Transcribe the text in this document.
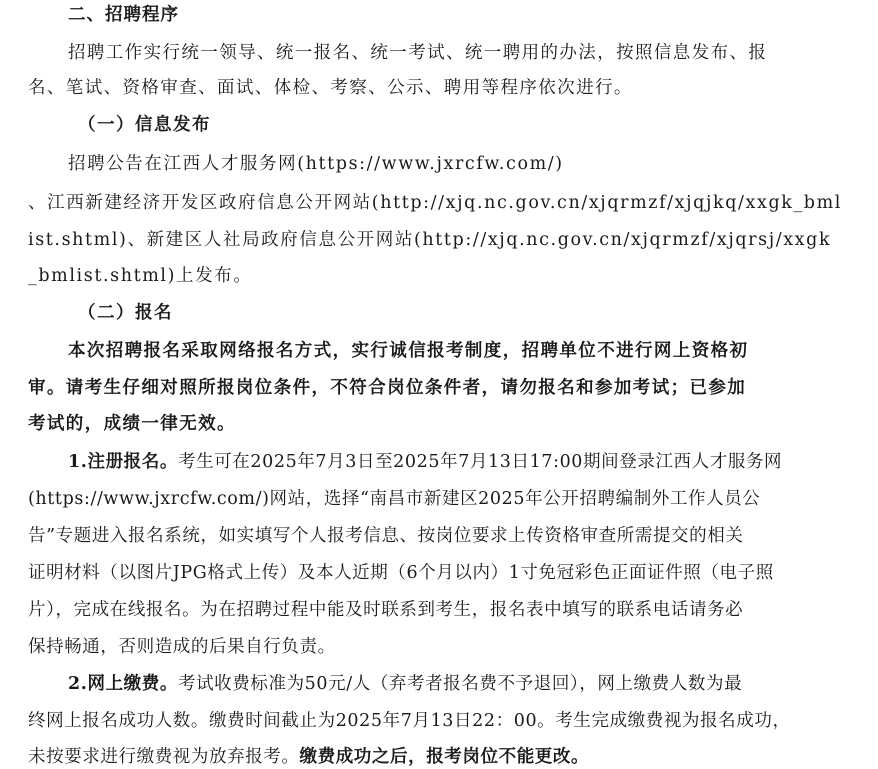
二、招聘程序
招聘工作实行统一领导、统一报名、统一考试、统一聘用的办法，按照信息发布、报
名、笔试、资格审查、面试、体检、考察、公示、聘用等程序依次进行。
（一）信息发布
招聘公告在江西人才服务网(https://www.jxrcfw.com/)
、江西新建经济开发区政府信息公开网站(http://xjq.nc.gov.cn/xjqrmzf/xjqjkq/xxgk_bml
ist.shtml)、新建区人社局政府信息公开网站(http://xjq.nc.gov.cn/xjqrmzf/xjqrsj/xxgk
_bmlist.shtml)上发布。
（二）报名
本次招聘报名采取网络报名方式，实行诚信报考制度，招聘单位不进行网上资格初
审。请考生仔细对照所报岗位条件，不符合岗位条件者，请勿报名和参加考试；已参加
考试的，成绩一律无效。
1.注册报名。考生可在2025年7月3日至2025年7月13日17:00期间登录江西人才服务网
(https://www.jxrcfw.com/)网站，选择“南昌市新建区2025年公开招聘编制外工作人员公
告”专题进入报名系统，如实填写个人报考信息、按岗位要求上传资格审查所需提交的相关
证明材料（以图片JPG格式上传）及本人近期（6个月以内）1寸免冠彩色正面证件照（电子照
片），完成在线报名。为在招聘过程中能及时联系到考生，报名表中填写的联系电话请务必
保持畅通，否则造成的后果自行负责。
2.网上缴费。考试收费标准为50元/人（弃考者报名费不予退回），网上缴费人数为最
终网上报名成功人数。缴费时间截止为2025年7月13日22：00。考生完成缴费视为报名成功，
未按要求进行缴费视为放弃报考。缴费成功之后，报考岗位不能更改。
